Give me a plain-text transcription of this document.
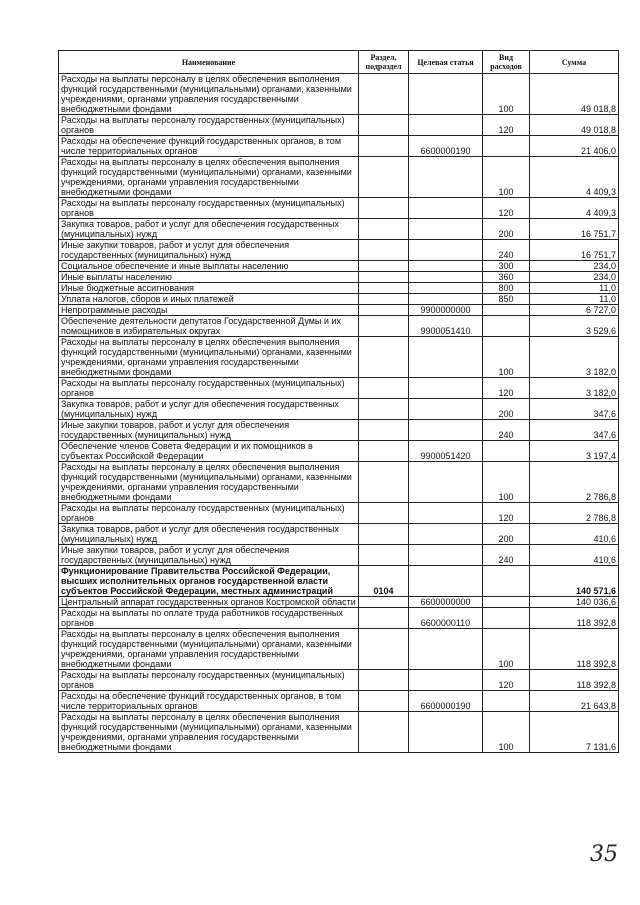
Наименование	Раздел, подраздел	Целевая статья	Вид расходов	Сумма
Расходы на выплаты персоналу в целях обеспечения выполнения функций государственными (муниципальными) органами, казенными учреждениями, органами управления государственными внебюджетными фондами			100	49 018,8
Расходы на выплаты персоналу государственных (муниципальных) органов			120	49 018,8
Расходы на обеспечение функций государственных органов, в том числе территориальных органов		6600000190		21 406,0
Расходы на выплаты персоналу в целях обеспечения выполнения функций государственными (муниципальными) органами, казенными учреждениями, органами управления государственными внебюджетными фондами			100	4 409,3
Расходы на выплаты персоналу государственных (муниципальных) органов			120	4 409,3
Закупка товаров, работ и услуг для обеспечения государственных (муниципальных) нужд			200	16 751,7
Иные закупки товаров, работ и услуг для обеспечения государственных (муниципальных) нужд			240	16 751,7
Социальное обеспечение и иные выплаты населению			300	234,0
Иные выплаты населению			360	234,0
Иные бюджетные ассигнования			800	11,0
Уплата налогов, сборов и иных платежей			850	11,0
Непрограммные расходы		9900000000		6 727,0
Обеспечение деятельности депутатов Государственной Думы и их помощников в избирательных округах		9900051410		3 529,6
Расходы на выплаты персоналу в целях обеспечения выполнения функций государственными (муниципальными) органами, казенными учреждениями, органами управления государственными внебюджетными фондами			100	3 182,0
Расходы на выплаты персоналу государственных (муниципальных) органов			120	3 182,0
Закупка товаров, работ и услуг для обеспечения государственных (муниципальных) нужд			200	347,6
Иные закупки товаров, работ и услуг для обеспечения государственных (муниципальных) нужд			240	347,6
Обеспечение членов Совета Федерации и их помощников в субъектах Российской Федерации		9900051420		3 197,4
Расходы на выплаты персоналу в целях обеспечения выполнения функций государственными (муниципальными) органами, казенными учреждениями, органами управления государственными внебюджетными фондами			100	2 786,8
Расходы на выплаты персоналу государственных (муниципальных) органов			120	2 786,8
Закупка товаров, работ и услуг для обеспечения государственных (муниципальных) нужд			200	410,6
Иные закупки товаров, работ и услуг для обеспечения государственных (муниципальных) нужд			240	410,6
Функционирование Правительства Российской Федерации, высших исполнительных органов государственной власти субъектов Российской Федерации, местных администраций	0104			140 571,6
Центральный аппарат государственных органов Костромской области		6600000000		140 036,6
Расходы на выплаты по оплате труда работников государственных органов		6600000110		118 392,8
Расходы на выплаты персоналу в целях обеспечения выполнения функций государственными (муниципальными) органами, казенными учреждениями, органами управления государственными внебюджетными фондами			100	118 392,8
Расходы на выплаты персоналу государственных (муниципальных) органов			120	118 392,8
Расходы на обеспечение функций государственных органов, в том числе территориальных органов		6600000190		21 643,8
Расходы на выплаты персоналу в целях обеспечения выполнения функций государственными (муниципальными) органами, казенными учреждениями, органами управления государственными внебюджетными фондами			100	7 131,6
35
